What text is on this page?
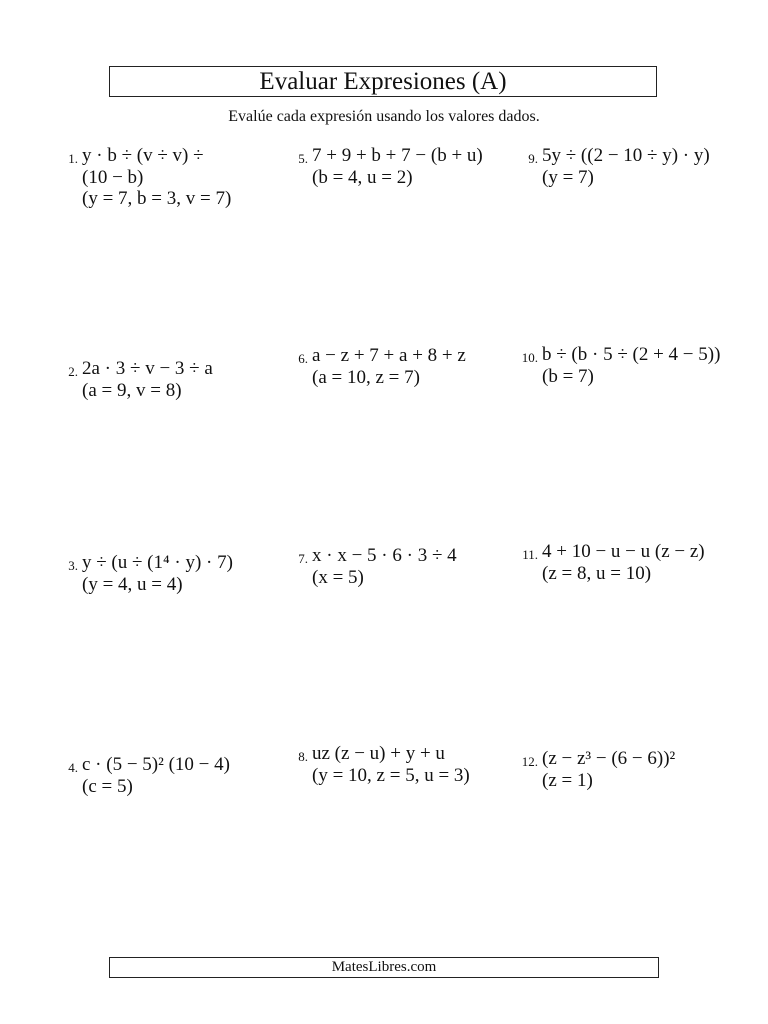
Evaluar Expresiones (A)
Evalúe cada expresión usando los valores dados.
1. y · b ÷ (v ÷ v) ÷
(10 − b)
(y = 7, b = 3, v = 7)
2. 2a · 3 ÷ v − 3 ÷ a
(a = 9, v = 8)
3. y ÷ (u ÷ (1⁴ · y) · 7)
(y = 4, u = 4)
4. c · (5 − 5)² (10 − 4)
(c = 5)
5. 7 + 9 + b + 7 − (b + u)
(b = 4, u = 2)
6. a − z + 7 + a + 8 + z
(a = 10, z = 7)
7. x · x − 5 · 6 · 3 ÷ 4
(x = 5)
8. uz (z − u) + y + u
(y = 10, z = 5, u = 3)
9. 5y ÷ ((2 − 10 ÷ y) · y)
(y = 7)
10. b ÷ (b · 5 ÷ (2 + 4 − 5))
(b = 7)
11. 4 + 10 − u − u (z − z)
(z = 8, u = 10)
12. (z − z³ − (6 − 6))²
(z = 1)
MatesLibres.com
